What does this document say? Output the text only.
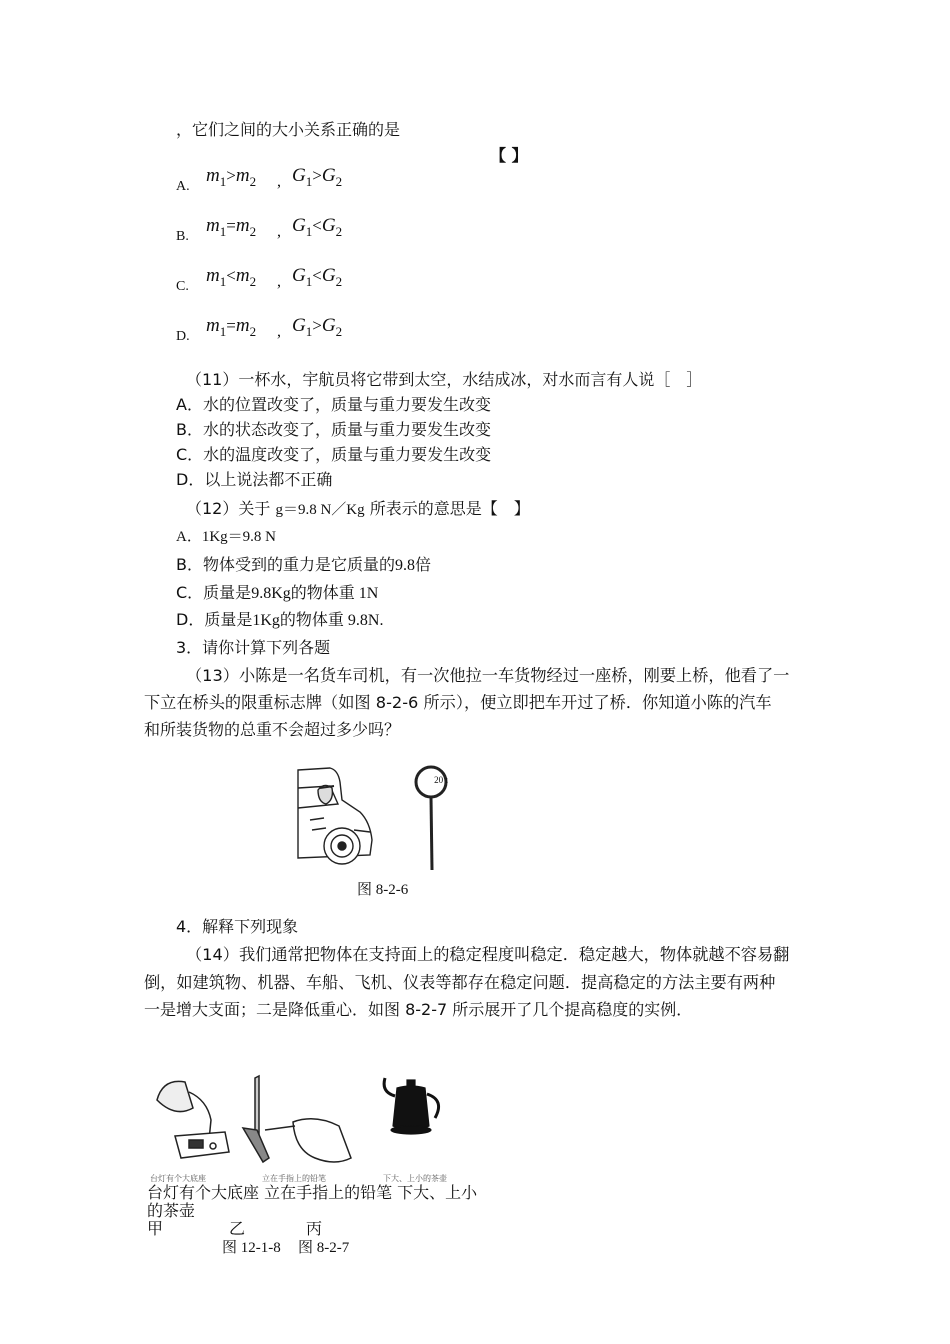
，它们之间的大小关系正确的是
【 】
A.
$m_1>m_2$ , $G_1>G_2$
B.
$m_1=m_2$ , $G_1<G_2$
C.
$m_1<m_2$ , $G_1<G_2$
D.
$m_1=m_2$ , $G_1>G_2$
（11）一杯水，宇航员将它带到太空，水结成冰，对水而言有人说［　］
A．水的位置改变了，质量与重力要发生改变
B．水的状态改变了，质量与重力要发生改变
C．水的温度改变了，质量与重力要发生改变
D．以上说法都不正确
（12）关于 g＝9.8 N／Kg 所表示的意思是【　】
A．1Kg＝9.8 N
B．物体受到的重力是它质量的9.8倍
C．质量是9.8Kg的物体重 1N
D．质量是1Kg的物体重 9.8N.
3．请你计算下列各题
（13）小陈是一名货车司机，有一次他拉一车货物经过一座桥，刚要上桥，他看了一
下立在桥头的限重标志牌（如图 8-2-6 所示），便立即把车开过了桥．你知道小陈的汽车
和所装货物的总重不会超过多少吗？
20 t
图 8-2-6
4．解释下列现象
（14）我们通常把物体在支持面上的稳定程度叫稳定．稳定越大，物体就越不容易翻
倒，如建筑物、机器、车船、飞机、仪表等都存在稳定问题．提高稳定的方法主要有两种
一是增大支面；二是降低重心．如图 8-2-7 所示展开了几个提高稳度的实例．
台灯有个大底座	立在手指上的铅笔	下大、上小的茶壶
台灯有个大底座 立在手指上的铅笔 下大、上小
的茶壶
甲	乙	丙
图 12-1-8 图 8-2-7
